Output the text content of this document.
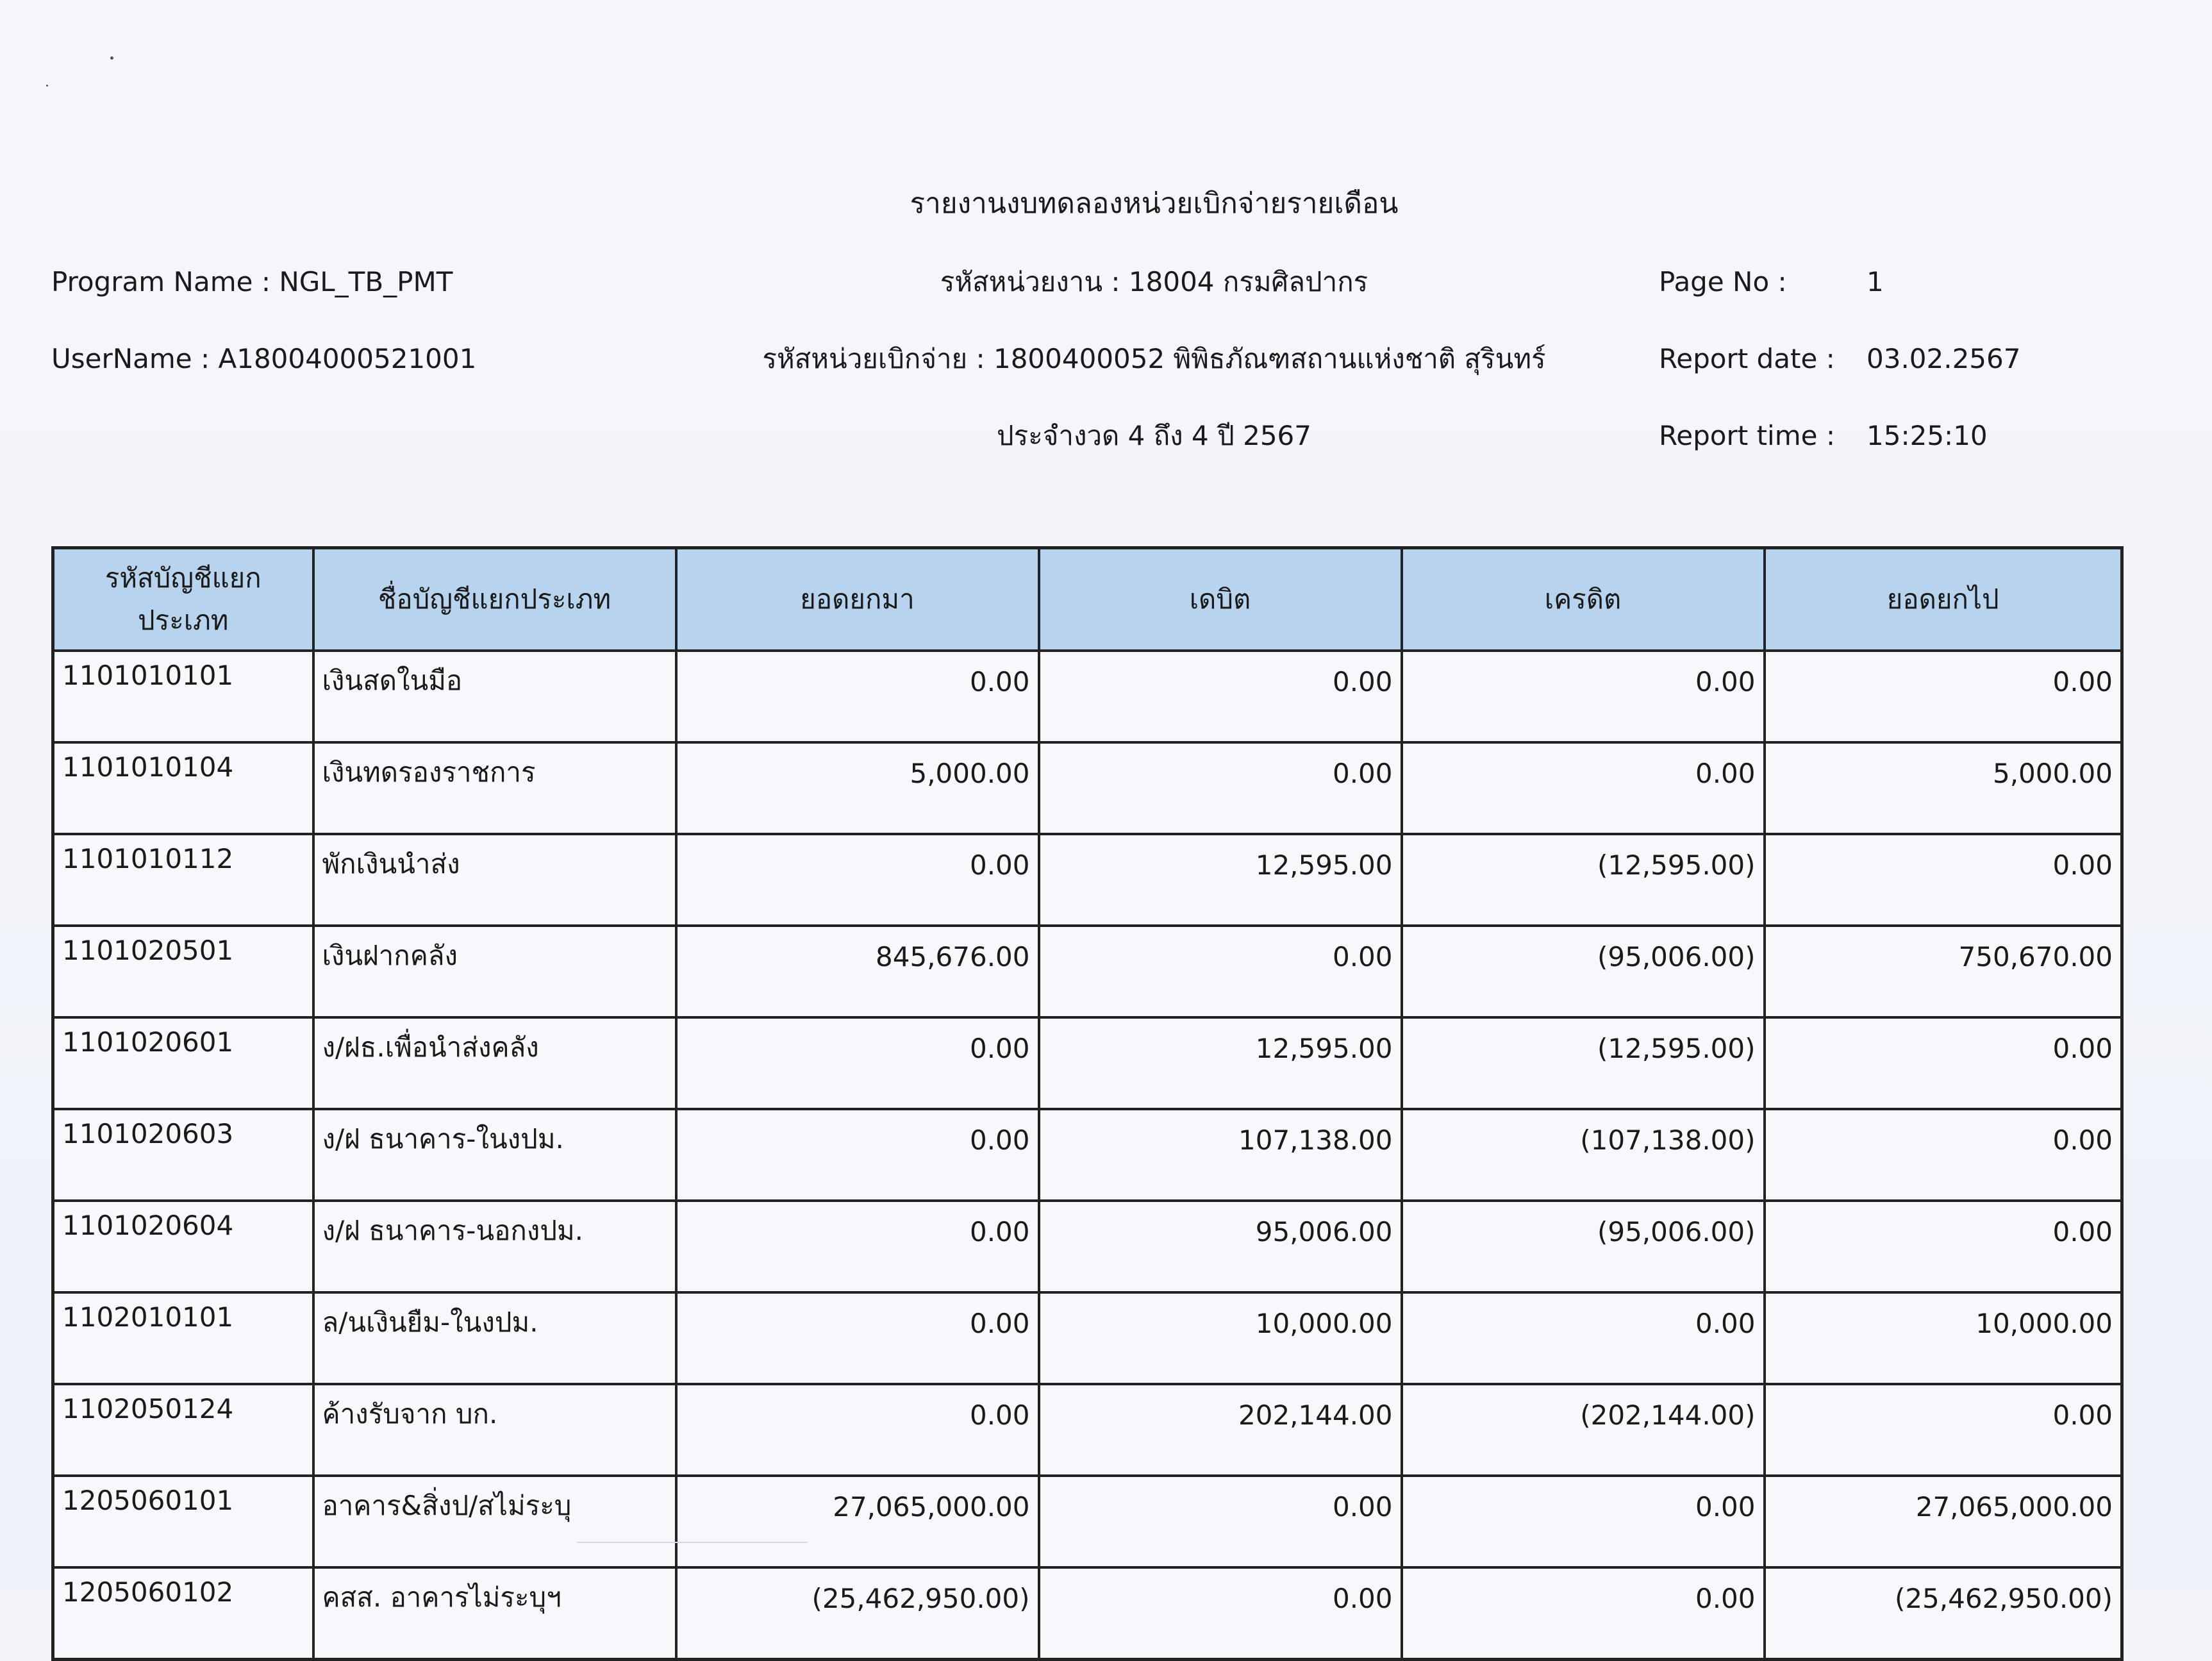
รายงานงบทดลองหน่วยเบิกจ่ายรายเดือน
Program Name : NGL_TB_PMT
UserName : A18004000521001
รหัสหน่วยงาน : 18004 กรมศิลปากร
รหัสหน่วยเบิกจ่าย : 1800400052 พิพิธภัณฑสถานแห่งชาติ สุรินทร์
ประจำงวด 4 ถึง 4 ปี 2567
Page No :	1
Report date : 03.02.2567
Report time : 15:25:10
รหัสบัญชีแยกประเภท	ชื่อบัญชีแยกประเภท	ยอดยกมา	เดบิต	เครดิต	ยอดยกไป
1101010101	เงินสดในมือ	0.00	0.00	0.00	0.00
1101010104	เงินทดรองราชการ	5,000.00	0.00	0.00	5,000.00
1101010112	พักเงินนำส่ง	0.00	12,595.00	(12,595.00)	0.00
1101020501	เงินฝากคลัง	845,676.00	0.00	(95,006.00)	750,670.00
1101020601	ง/ฝธ.เพื่อนำส่งคลัง	0.00	12,595.00	(12,595.00)	0.00
1101020603	ง/ฝ ธนาคาร-ในงปม.	0.00	107,138.00	(107,138.00)	0.00
1101020604	ง/ฝ ธนาคาร-นอกงปม.	0.00	95,006.00	(95,006.00)	0.00
1102010101	ล/นเงินยืม-ในงปม.	0.00	10,000.00	0.00	10,000.00
1102050124	ค้างรับจาก บก.	0.00	202,144.00	(202,144.00)	0.00
1205060101	อาคาร&สิ่งป/สไม่ระบุ	27,065,000.00	0.00	0.00	27,065,000.00
1205060102	คสส. อาคารไม่ระบุฯ	(25,462,950.00)	0.00	0.00	(25,462,950.00)
